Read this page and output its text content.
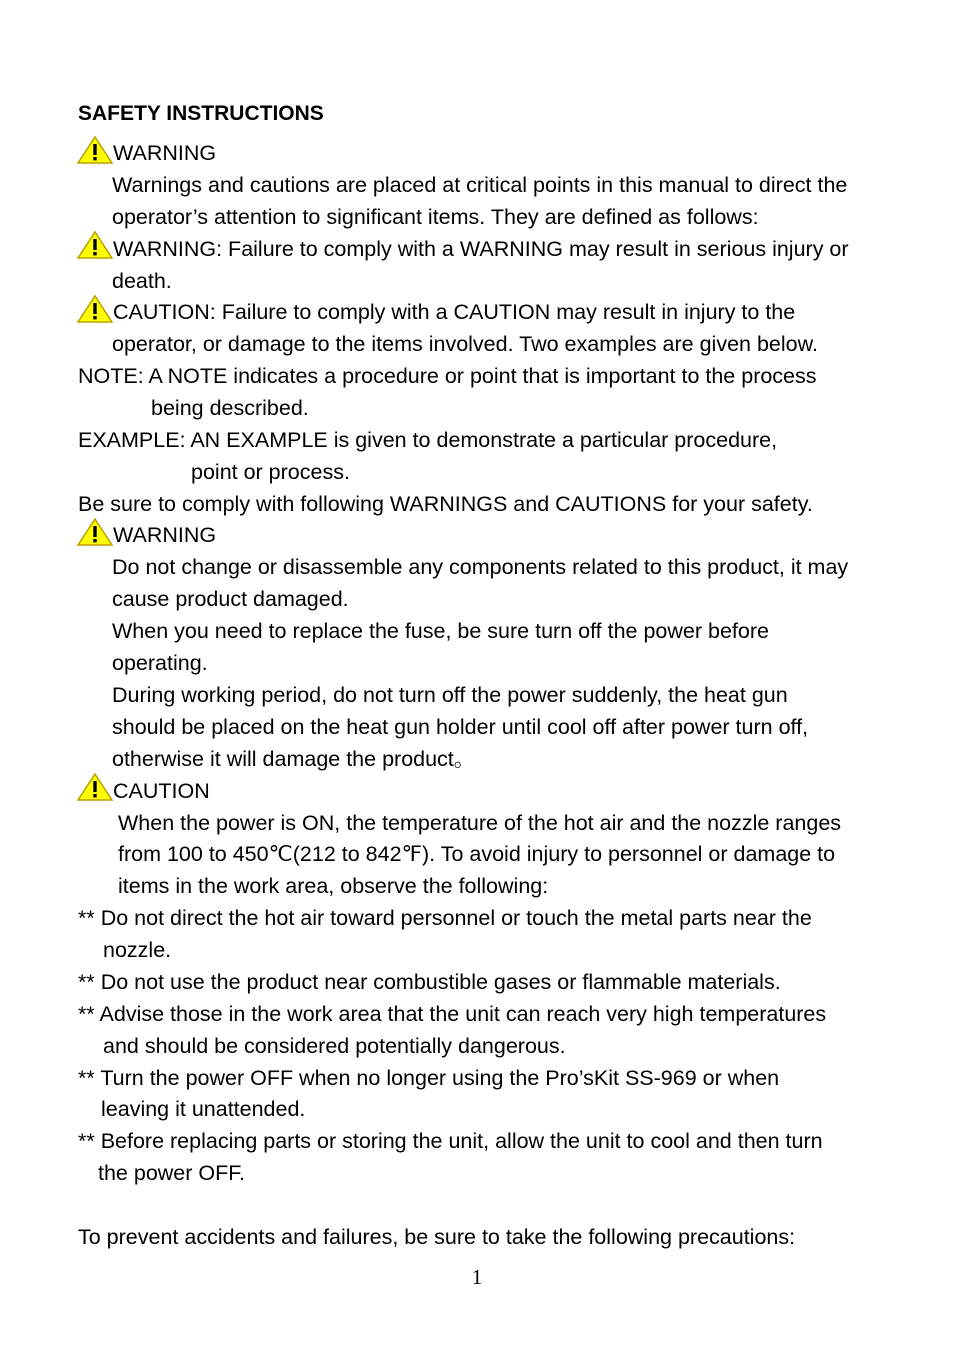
SAFETY INSTRUCTIONS
WARNING
Warnings and cautions are placed at critical points in this manual to direct the
operator’s attention to significant items. They are defined as follows:
WARNING: Failure to comply with a WARNING may result in serious injury or
death.
CAUTION: Failure to comply with a CAUTION may result in injury to the
operator, or damage to the items involved. Two examples are given below.
NOTE: A NOTE indicates a procedure or point that is important to the process
being described.
EXAMPLE: AN EXAMPLE is given to demonstrate a particular procedure,
point or process.
Be sure to comply with following WARNINGS and CAUTIONS for your safety.
WARNING
Do not change or disassemble any components related to this product, it may
cause product damaged.
When you need to replace the fuse, be sure turn off the power before
operating.
During working period, do not turn off the power suddenly, the heat gun
should be placed on the heat gun holder until cool off after power turn off,
otherwise it will damage the product。
CAUTION
When the power is ON, the temperature of the hot air and the nozzle ranges
from 100 to 450℃(212 to 842℉). To avoid injury to personnel or damage to
items in the work area, observe the following:
** Do not direct the hot air toward personnel or touch the metal parts near the
nozzle.
** Do not use the product near combustible gases or flammable materials.
** Advise those in the work area that the unit can reach very high temperatures
and should be considered potentially dangerous.
** Turn the power OFF when no longer using the Pro’sKit SS-969 or when
leaving it unattended.
** Before replacing parts or storing the unit, allow the unit to cool and then turn
the power OFF.
To prevent accidents and failures, be sure to take the following precautions:
1
